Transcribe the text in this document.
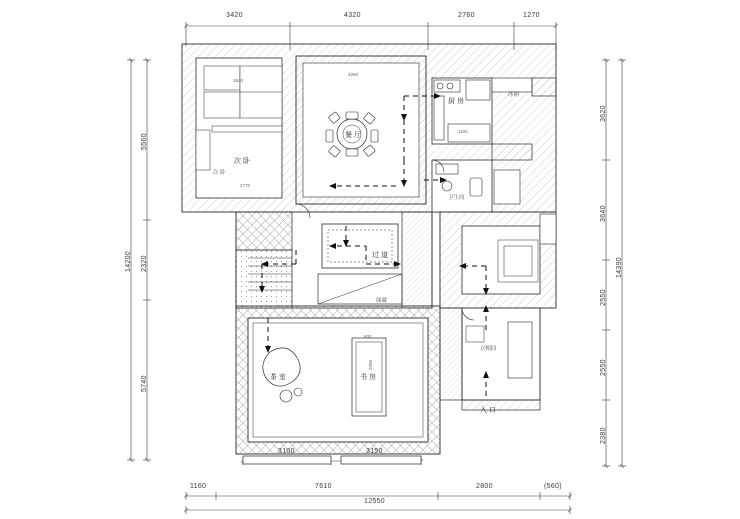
3420	4320	2760	1270
5560
2320
5740
14200
3620
3640
2550
2550
2380
14390
3100	3150
1160	7610	2800	(560)
12550
餐 厅
厨 房
次 卧
次 卧
卫生间
过 道
书 房
茶 室
衣帽间
储藏
入 口
冰箱
1840
4260
2770
1100
800
2900
